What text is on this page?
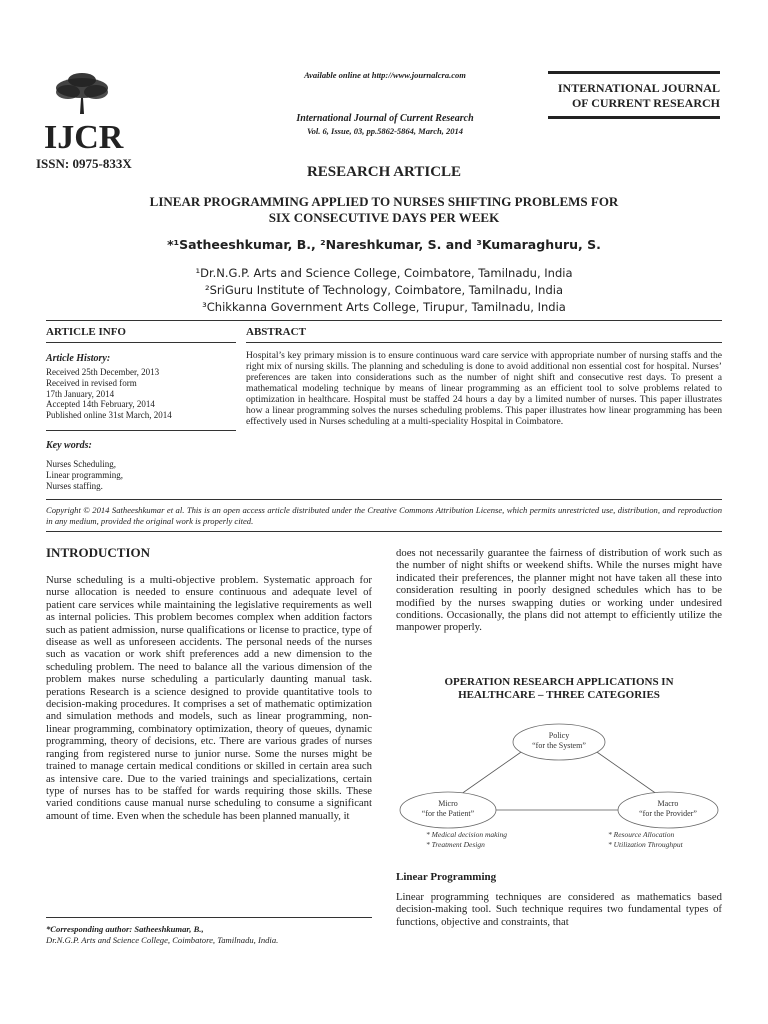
IJCR
Available online at http://www.journalcra.com
International Journal of Current Research
Vol. 6, Issue, 03, pp.5862-5864, March, 2014
INTERNATIONAL JOURNAL
OF CURRENT RESEARCH
ISSN: 0975-833X
RESEARCH ARTICLE
LINEAR PROGRAMMING APPLIED TO NURSES SHIFTING PROBLEMS FOR
SIX CONSECUTIVE DAYS PER WEEK
*¹Satheeshkumar, B., ²Nareshkumar, S. and ³Kumaraghuru, S.
¹Dr.N.G.P. Arts and Science College, Coimbatore, Tamilnadu, India
²SriGuru Institute of Technology, Coimbatore, Tamilnadu, India
³Chikkanna Government Arts College, Tirupur, Tamilnadu, India
ARTICLE INFO	ABSTRACT
Article History:
Received 25th December, 2013
Received in revised form
17th January, 2014
Accepted 14th February, 2014
Published online 31st March, 2014
Key words:
Nurses Scheduling,
Linear programming,
Nurses staffing.
Hospital’s key primary mission is to ensure continuous ward care service with appropriate number of nursing staffs and the right mix of nursing skills. The planning and scheduling is done to avoid additional non essential cost for hospital. Nurses’ preferences are taken into considerations such as the number of night shift and consecutive rest days. To present a mathematical modeling technique by means of linear programming as an efficient tool to solve problems related to optimization in healthcare. Hospital must be staffed 24 hours a day by a limited number of nurses. This paper illustrates how a linear programming solves the nurses scheduling problems. This paper illustrates how linear programming has been effectively used in Nurses scheduling at a multi-speciality Hospital in Coimbatore.
Copyright © 2014 Satheeshkumar et al. This is an open access article distributed under the Creative Commons Attribution License, which permits unrestricted use, distribution, and reproduction in any medium, provided the original work is properly cited.
INTRODUCTION
Nurse scheduling is a multi-objective problem. Systematic approach for nurse allocation is needed to ensure continuous and adequate level of patient care services while maintaining the legislative requirements as well as internal policies. This problem becomes complex when addition factors such as patient admission, nurse qualifications or license to practice, type of disease as well as unforeseen accidents. The personal needs of the nurses such as vacation or work shift preferences add a new dimension to the scheduling problem. The need to balance all the various dimension of the problem makes nurse scheduling a particularly daunting manual task. perations Research is a science designed to provide quantitative tools to decision-making procedures. It comprises a set of mathematic optimization and simulation methods and models, such as linear programming, non-linear programming, combinatory optimization, theory of queues, dynamic programming, theory of decisions, etc. There are various grades of nurses ranging from registered nurse to junior nurse. Some the nurses might be trained to manage certain medical conditions or skilled in certain area such as intensive care. Due to the varied trainings and specializations, certain type of nurses has to be staffed for wards requiring those skills. These varied conditions cause manual nurse scheduling to consume a significant amount of time. Even when the schedule has been planned manually, it
does not necessarily guarantee the fairness of distribution of work such as the number of night shifts or weekend shifts. While the nurses might have indicated their preferences, the planner might not have taken all these into consideration resulting in poorly designed schedules which has to be modified by the nurses swapping duties or working under undesired conditions. Occasionally, the plans did not attempt to efficiently utilize the manpower properly.
OPERATION RESEARCH APPLICATIONS IN
HEALTHCARE – THREE CATEGORIES
Policy
“for the System”
Micro
“for the Patient”
Macro
“for the Provider”
* Medical decision making
* Treatment Design
* Resource Allocation
* Utilization Throughput
Linear Programming
Linear programming techniques are considered as mathematics based decision-making tool. Such technique requires two fundamental types of functions, objective and constraints, that
*Corresponding author: Satheeshkumar, B.,
Dr.N.G.P. Arts and Science College, Coimbatore, Tamilnadu, India.
